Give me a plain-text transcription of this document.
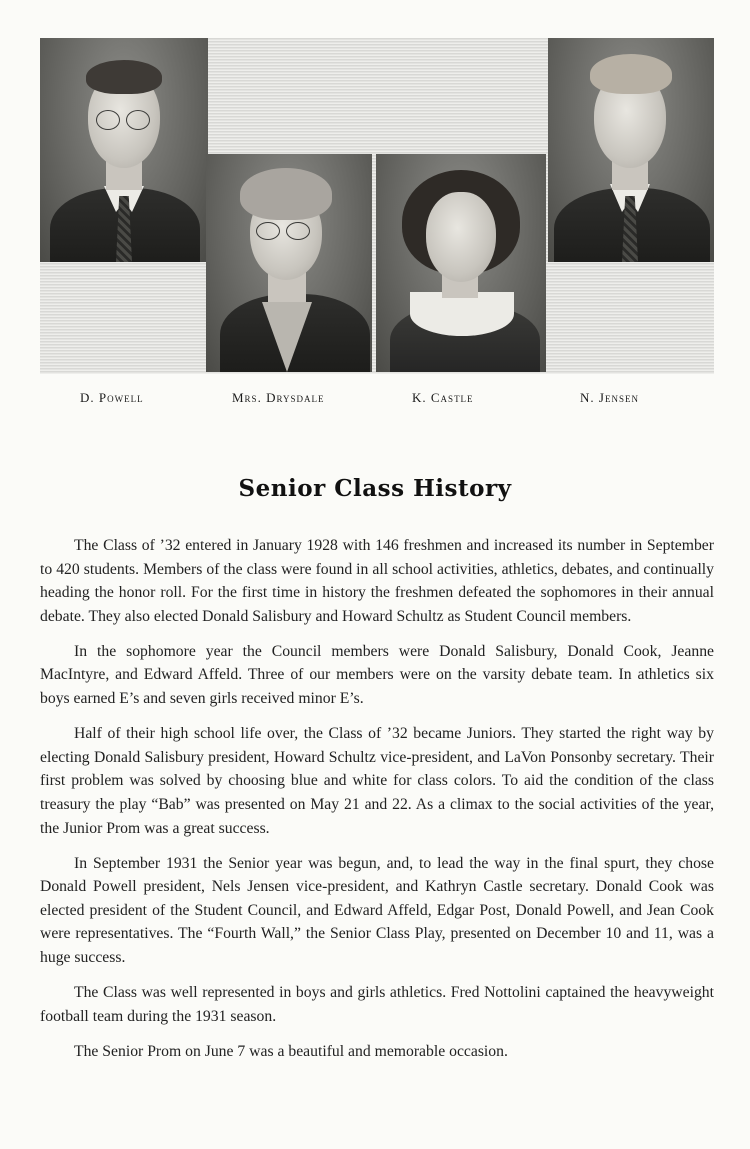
D. Powell	Mrs. Drysdale	K. Castle	N. Jensen
Senior Class History

The Class of ’32 entered in January 1928 with 146 freshmen and increased its number in September to 420 students. Members of the class were found in all school activities, athletics, debates, and continually heading the honor roll. For the first time in history the freshmen defeated the sophomores in their annual debate. They also elected Donald Salisbury and Howard Schultz as Student Council members.

In the sophomore year the Council members were Donald Salisbury, Donald Cook, Jeanne MacIntyre, and Edward Affeld. Three of our members were on the varsity debate team. In athletics six boys earned E’s and seven girls received minor E’s.

Half of their high school life over, the Class of ’32 became Juniors. They started the right way by electing Donald Salisbury president, Howard Schultz vice-president, and LaVon Ponsonby secretary. Their first problem was solved by choosing blue and white for class colors. To aid the condition of the class treasury the play “Bab” was presented on May 21 and 22. As a climax to the social activities of the year, the Junior Prom was a great success.

In September 1931 the Senior year was begun, and, to lead the way in the final spurt, they chose Donald Powell president, Nels Jensen vice-president, and Kathryn Castle secretary. Donald Cook was elected president of the Student Council, and Edward Affeld, Edgar Post, Donald Powell, and Jean Cook were representatives. The “Fourth Wall,” the Senior Class Play, presented on December 10 and 11, was a huge success.

The Class was well represented in boys and girls athletics. Fred Nottolini captained the heavyweight football team during the 1931 season.

The Senior Prom on June 7 was a beautiful and memorable occasion.
